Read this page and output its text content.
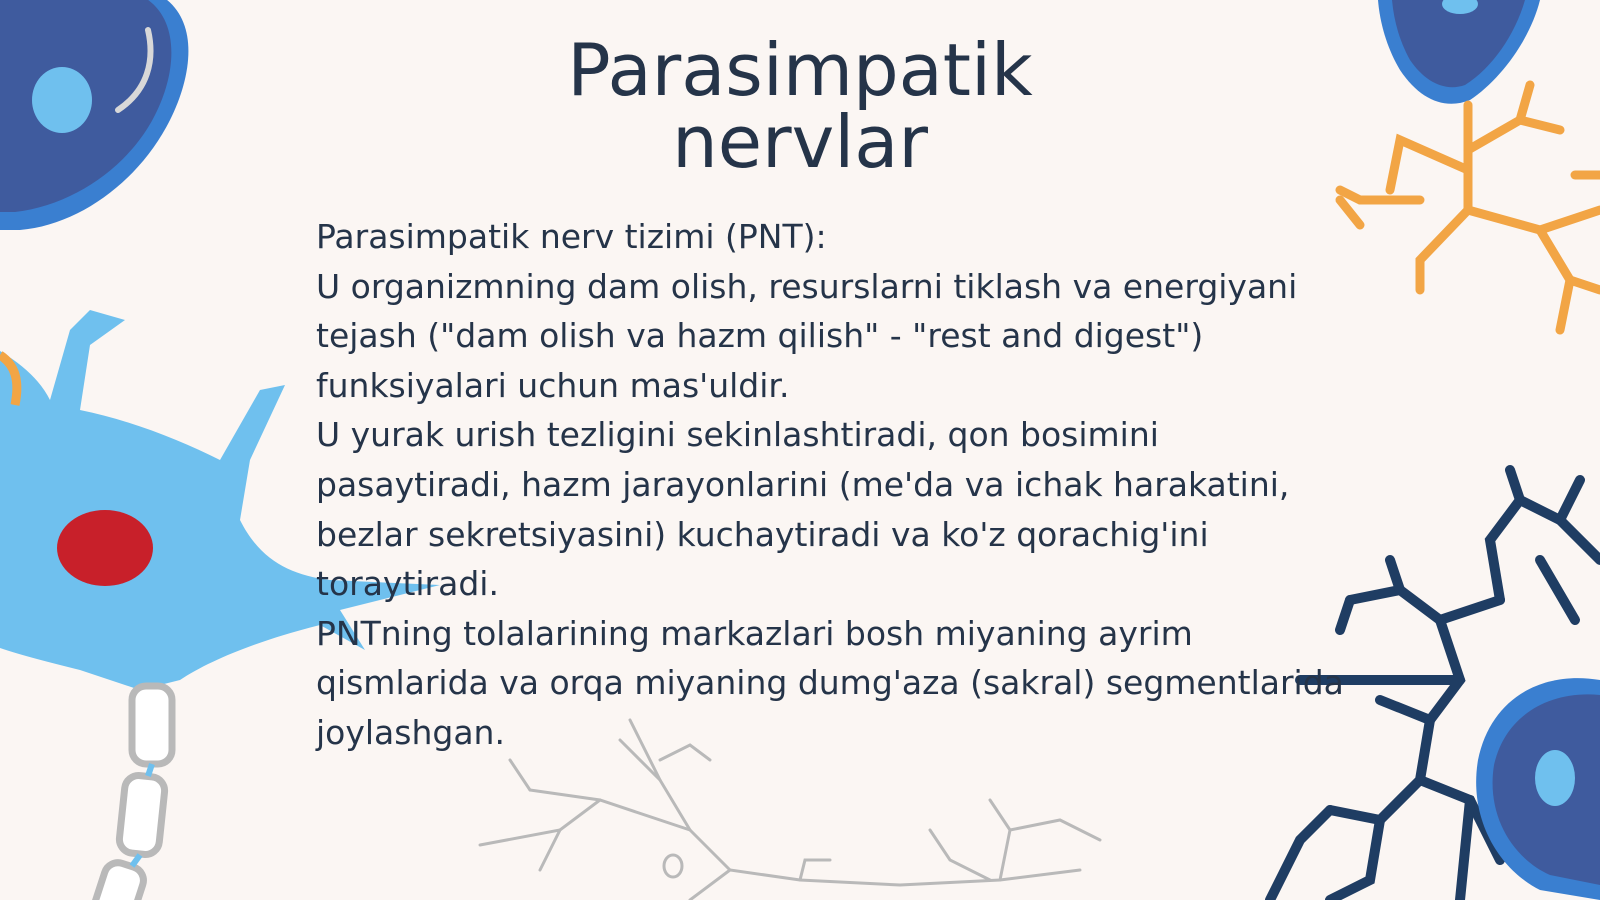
Parasimpatik
nervlar

Parasimpatik nerv tizimi (PNT):

U organizmning dam olish, resurslarni tiklash va energiyani tejash ("dam olish va hazm qilish" - "rest and digest") funksiyalari uchun mas'uldir.

U yurak urish tezligini sekinlashtiradi, qon bosimini pasaytiradi, hazm jarayonlarini (me'da va ichak harakatini, bezlar sekretsiyasini) kuchaytiradi va ko'z qorachig'ini toraytiradi.

PNTning tolalarining markazlari bosh miyaning ayrim qismlarida va orqa miyaning dumg'aza (sakral) segmentlarida joylashgan.
